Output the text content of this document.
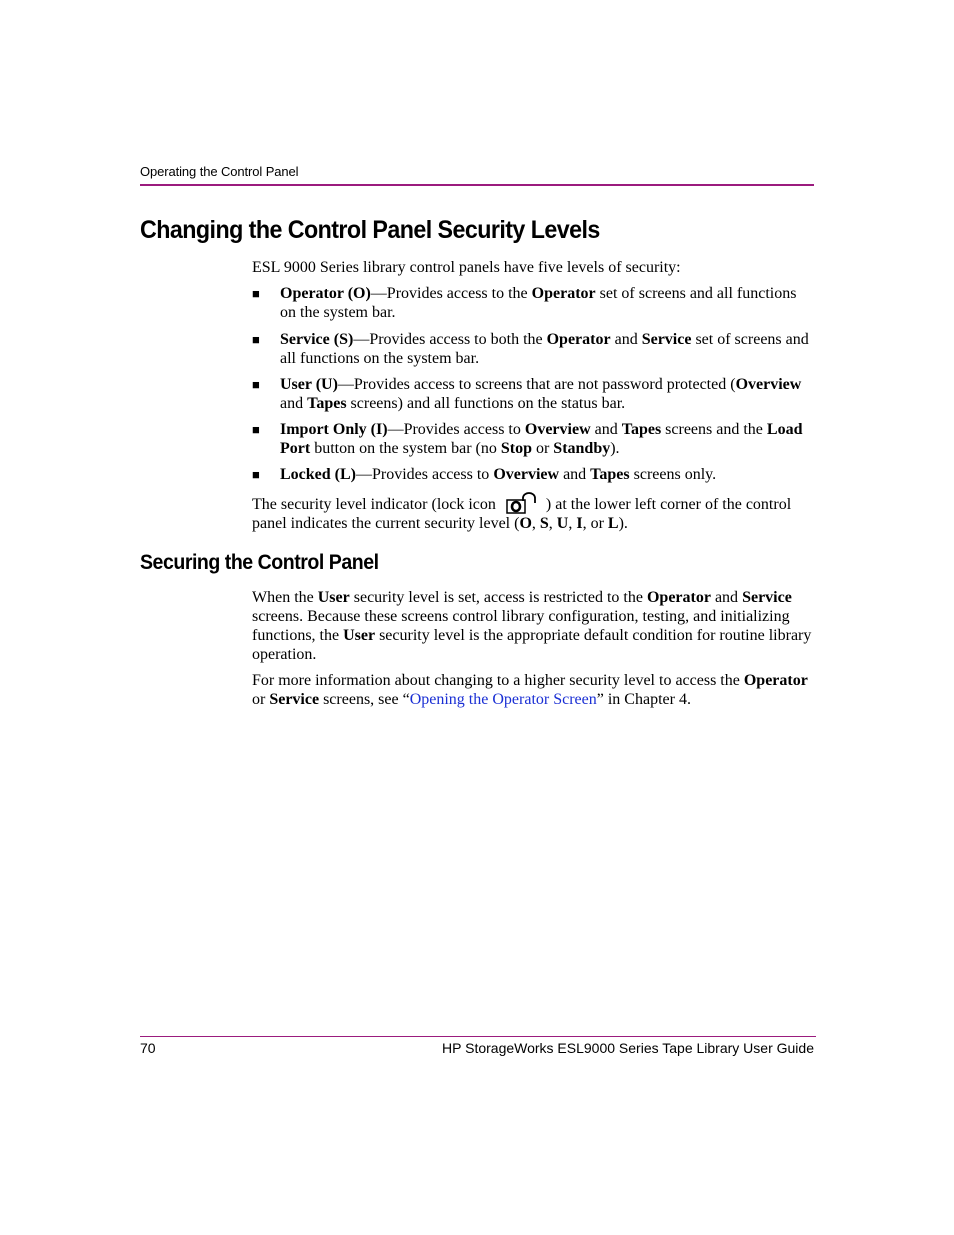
Operating the Control Panel
Changing the Control Panel Security Levels
ESL 9000 Series library control panels have five levels of security:
■ Operator (O)—Provides access to the Operator set of screens and all functions on the system bar.
■ Service (S)—Provides access to both the Operator and Service set of screens and all functions on the system bar.
■ User (U)—Provides access to screens that are not password protected (Overview and Tapes screens) and all functions on the status bar.
■ Import Only (I)—Provides access to Overview and Tapes screens and the Load Port button on the system bar (no Stop or Standby).
■ Locked (L)—Provides access to Overview and Tapes screens only.
The security level indicator (lock icon	) at the lower left corner of the control panel indicates the current security level (O, S, U, I, or L).
Securing the Control Panel
When the User security level is set, access is restricted to the Operator and Service screens. Because these screens control library configuration, testing, and initializing functions, the User security level is the appropriate default condition for routine library operation.
For more information about changing to a higher security level to access the Operator or Service screens, see “Opening the Operator Screen” in Chapter 4.
70	HP StorageWorks ESL9000 Series Tape Library User Guide
